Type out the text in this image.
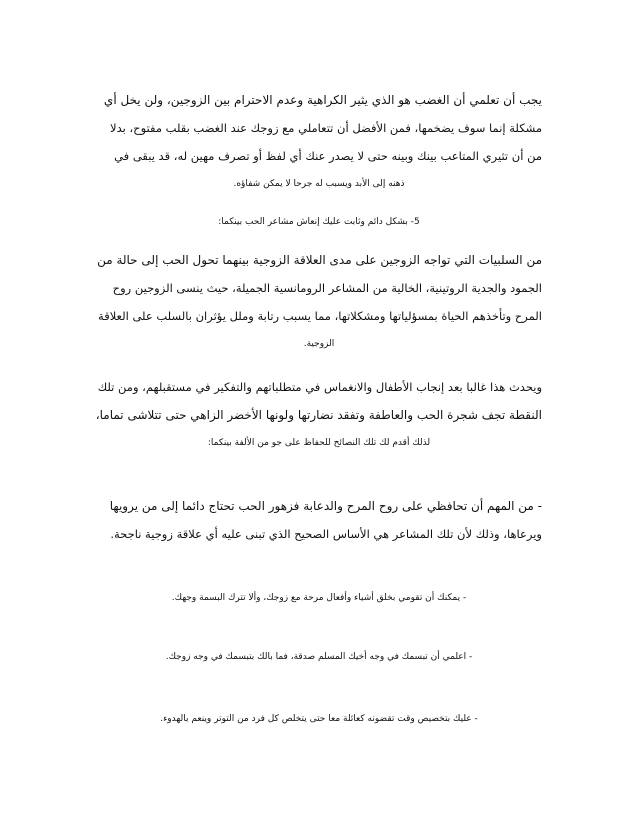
يجب أن تعلمي أن الغضب هو الذي يثير الكراهية وعدم الاحترام بين الزوجين، ولن يخل أي
مشكلة إنما سوف يضخمها، فمن الأفضل أن تتعاملي مع زوجك عند الغضب بقلب مفتوح، بدلا
من أن تثيري المتاعب بينك وبينه حتى لا يصدر عنك أي لفظ أو تصرف مهين له، قد يبقى في
ذهنه إلى الأبد ويسبب له جرحا لا يمكن شفاؤه.
5- بشكل دائم وثابت عليك إنعاش مشاعر الحب بينكما:
من السلبيات التي تواجه الزوجين على مدى العلاقة الزوجية بينهما تحول الحب إلى حالة من
الجمود والجدية الروتينية، الخالية من المشاعر الرومانسية الجميلة، حيث ينسى الزوجين روح
المرح وتأخذهم الحياة بمسؤلياتها ومشكلاتها، مما يسبب رتابة وملل يؤثران بالسلب على العلاقة
الزوجية.
ويحدث هذا غالبا بعد إنجاب الأطفال والانغماس في متطلباتهم والتفكير في مستقبلهم، ومن تلك
النقطة تجف شجرة الحب والعاطفة وتفقد نضارتها ولونها الأخضر الزاهي حتى تتلاشى تماما،
لذلك أقدم لك تلك النصائح للحفاظ على جو من الألفة بينكما:
- من المهم أن تحافظي على روح المرح والدعابة فزهور الحب تحتاج دائما إلى من يرويها
ويرعاها، وذلك لأن تلك المشاعر هي الأساس الصحيح الذي تبنى عليه أي علاقة زوجية ناجحة.
- يمكنك أن تقومي بخلق أشياء وأفعال مرحة مع زوجك، وألا تترك البسمة وجهك.
- اعلمي أن تبسمك في وجه أخيك المسلم صدقة، فما بالك بتبسمك في وجه زوجك.
- عليك بتخصيص وقت تقضونه كعائلة معا حتى يتخلص كل فرد من التوتر وينعم بالهدوء.
